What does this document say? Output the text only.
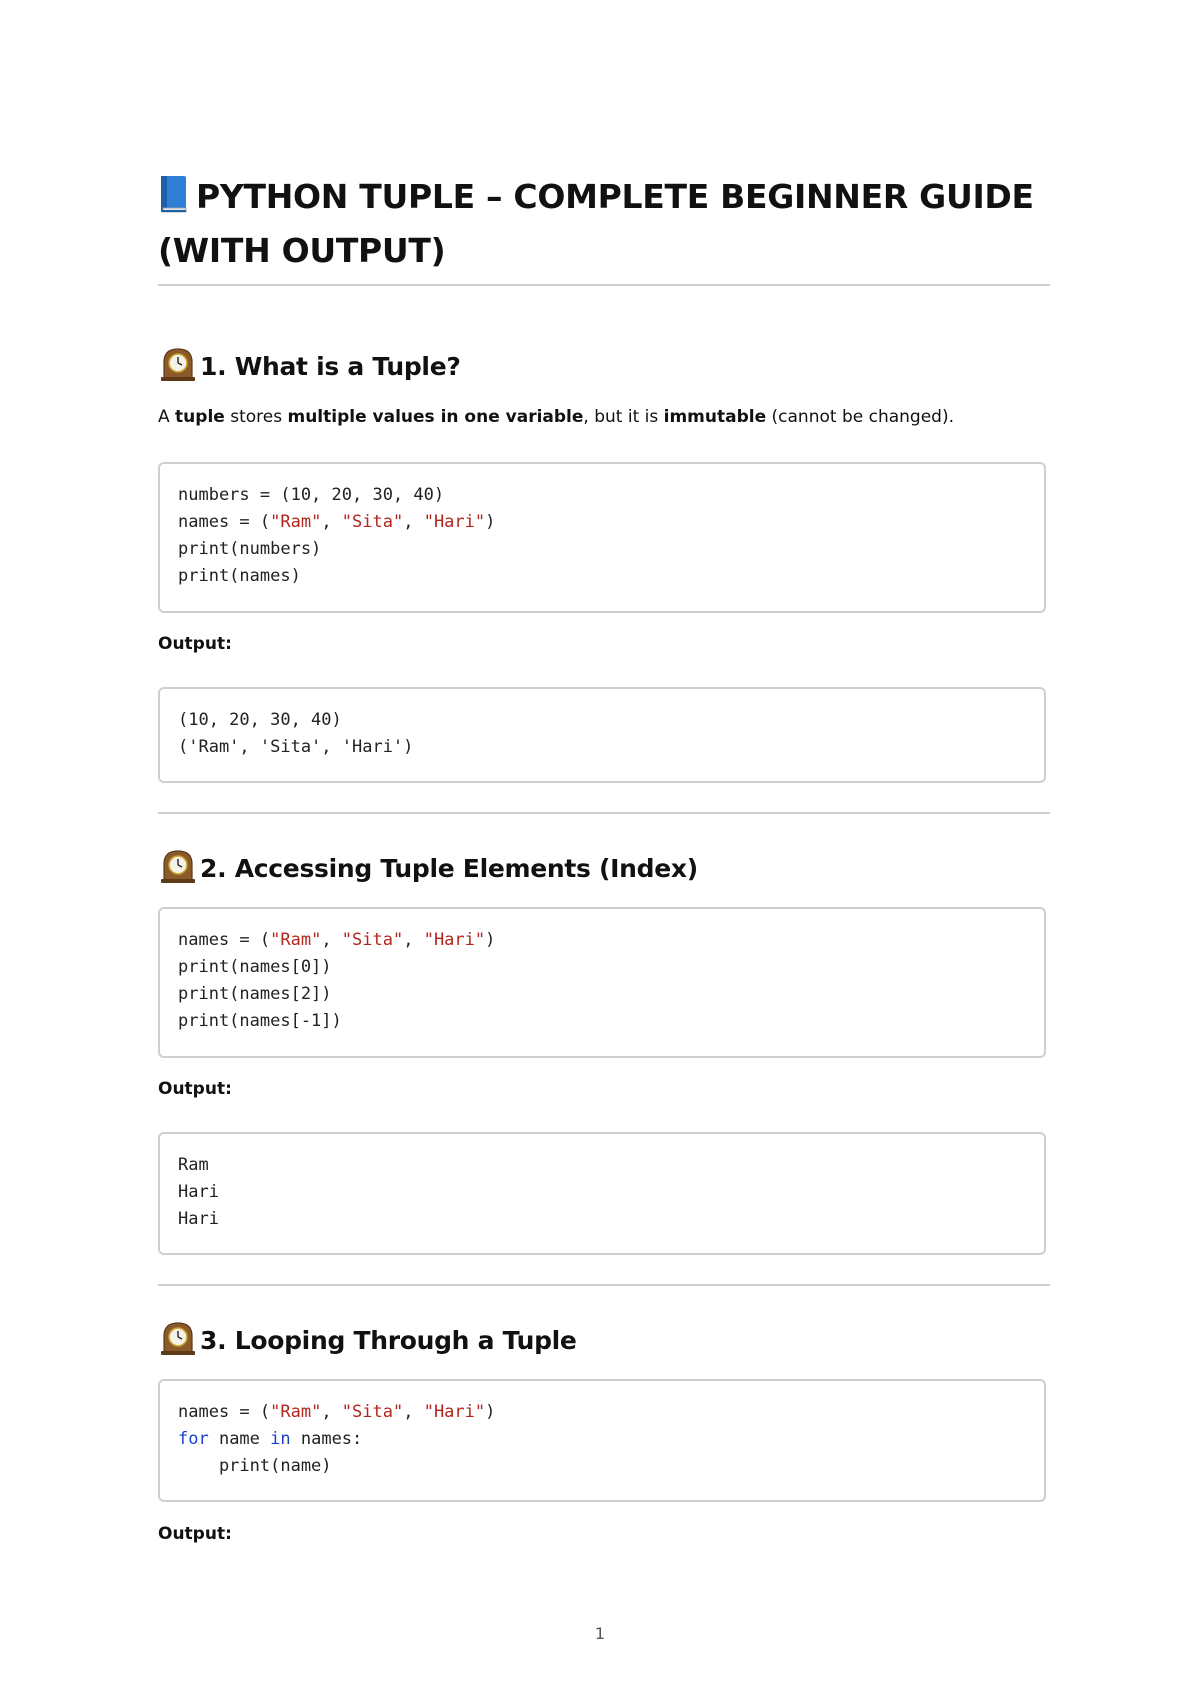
PYTHON TUPLE – COMPLETE BEGINNER GUIDE (WITH OUTPUT)
1. What is a Tuple?

A tuple stores multiple values in one variable, but it is immutable (cannot be changed).

numbers = (10, 20, 30, 40)
names = ("Ram", "Sita", "Hari")
print(numbers)
print(names)
Output:
(10, 20, 30, 40)
('Ram', 'Sita', 'Hari')
2. Accessing Tuple Elements (Index)
names = ("Ram", "Sita", "Hari")
print(names[0])
print(names[2])
print(names[-1])
Output:
Ram
Hari
Hari
3. Looping Through a Tuple
names = ("Ram", "Sita", "Hari")
for name in names:
print(name)
Output:
1
